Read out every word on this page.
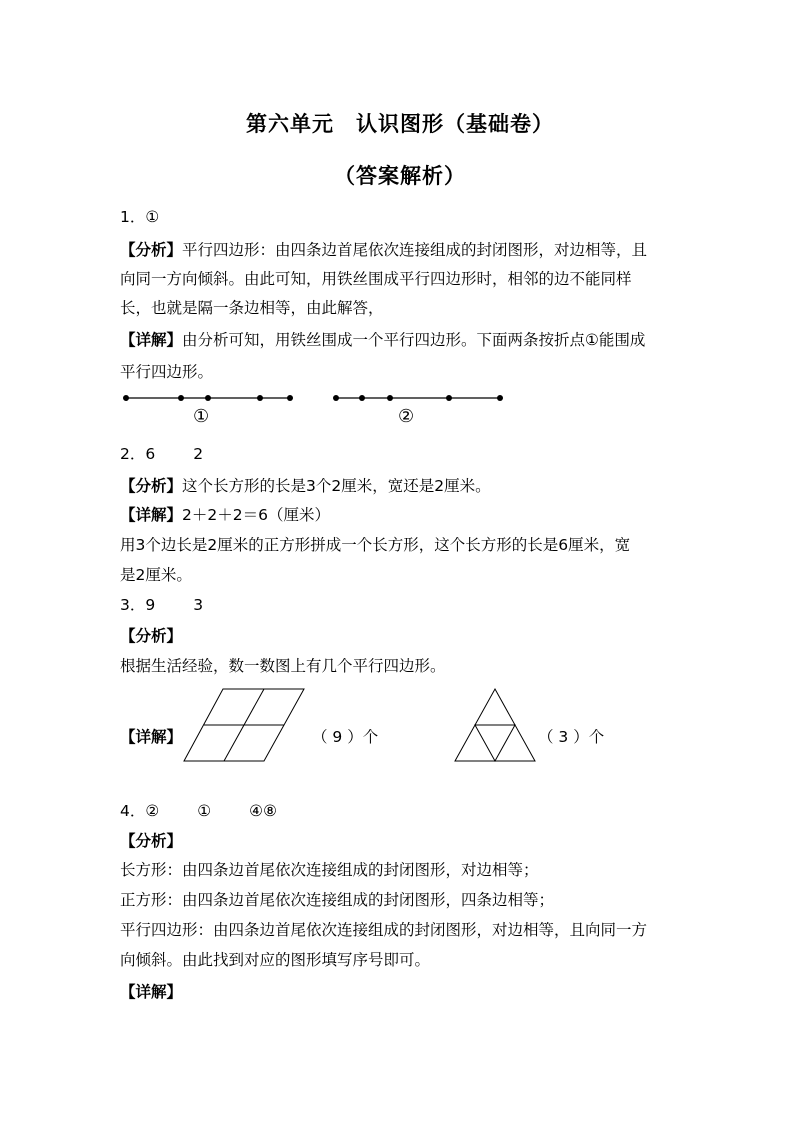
第六单元　认识图形（基础卷）
（答案解析）
1．①
【分析】平行四边形：由四条边首尾依次连接组成的封闭图形，对边相等，且
向同一方向倾斜。由此可知，用铁丝围成平行四边形时，相邻的边不能同样
长，也就是隔一条边相等，由此解答，
【详解】由分析可知，用铁丝围成一个平行四边形。下面两条按折点①能围成
平行四边形。
①	②
2．6 2
【分析】这个长方形的长是3个2厘米，宽还是2厘米。
【详解】2＋2＋2＝6（厘米）
用3个边长是2厘米的正方形拼成一个长方形，这个长方形的长是6厘米，宽
是2厘米。
3．9 3
【分析】
根据生活经验，数一数图上有几个平行四边形。
【详解】	（ 9 ）个	（ 3 ）个
4．② ① ④⑧
【分析】
长方形：由四条边首尾依次连接组成的封闭图形，对边相等；
正方形：由四条边首尾依次连接组成的封闭图形，四条边相等；
平行四边形：由四条边首尾依次连接组成的封闭图形，对边相等，且向同一方
向倾斜。由此找到对应的图形填写序号即可。
【详解】
